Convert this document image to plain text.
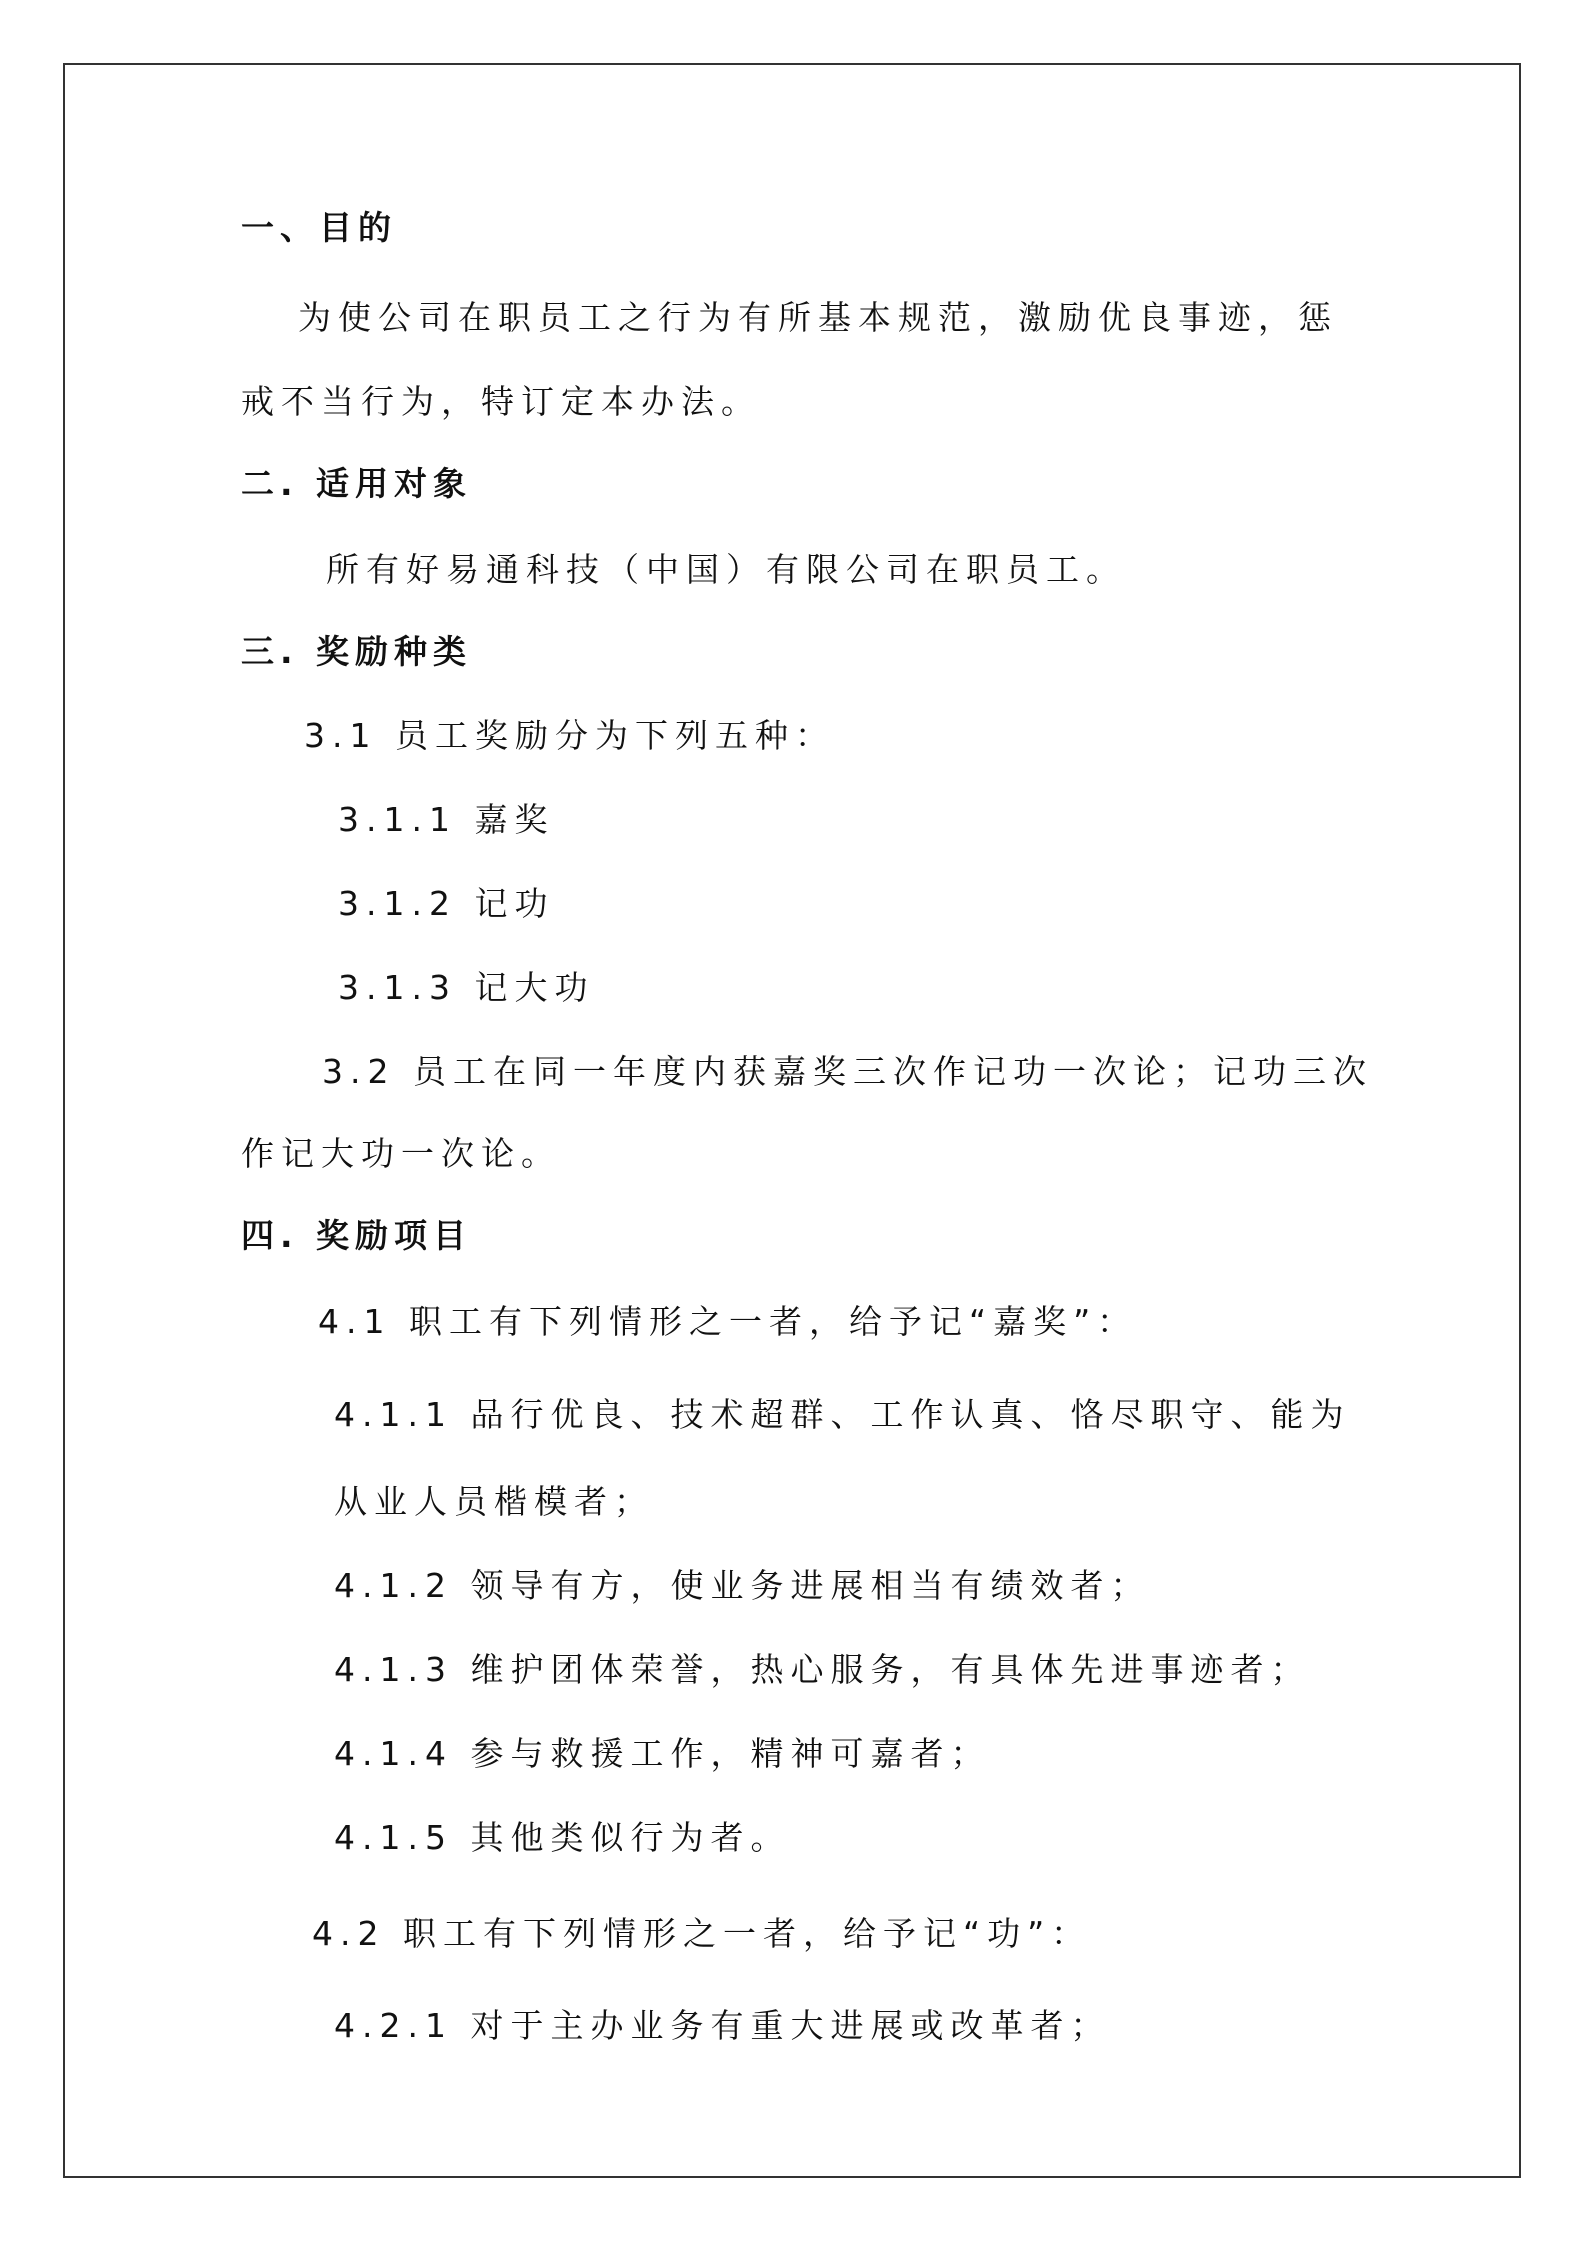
一、目的
为使公司在职员工之行为有所基本规范，激励优良事迹，惩
戒不当行为，特订定本办法。
二. 适用对象
所有好易通科技（中国）有限公司在职员工。
三. 奖励种类
3.1 员工奖励分为下列五种：
3.1.1 嘉奖
3.1.2 记功
3.1.3 记大功
3.2 员工在同一年度内获嘉奖三次作记功一次论；记功三次
作记大功一次论。
四. 奖励项目
4.1 职工有下列情形之一者，给予记“嘉奖”：
4.1.1 品行优良、技术超群、工作认真、恪尽职守、能为
从业人员楷模者；
4.1.2 领导有方，使业务进展相当有绩效者；
4.1.3 维护团体荣誉，热心服务，有具体先进事迹者；
4.1.4 参与救援工作，精神可嘉者；
4.1.5 其他类似行为者。
4.2 职工有下列情形之一者，给予记“功”：
4.2.1 对于主办业务有重大进展或改革者；
